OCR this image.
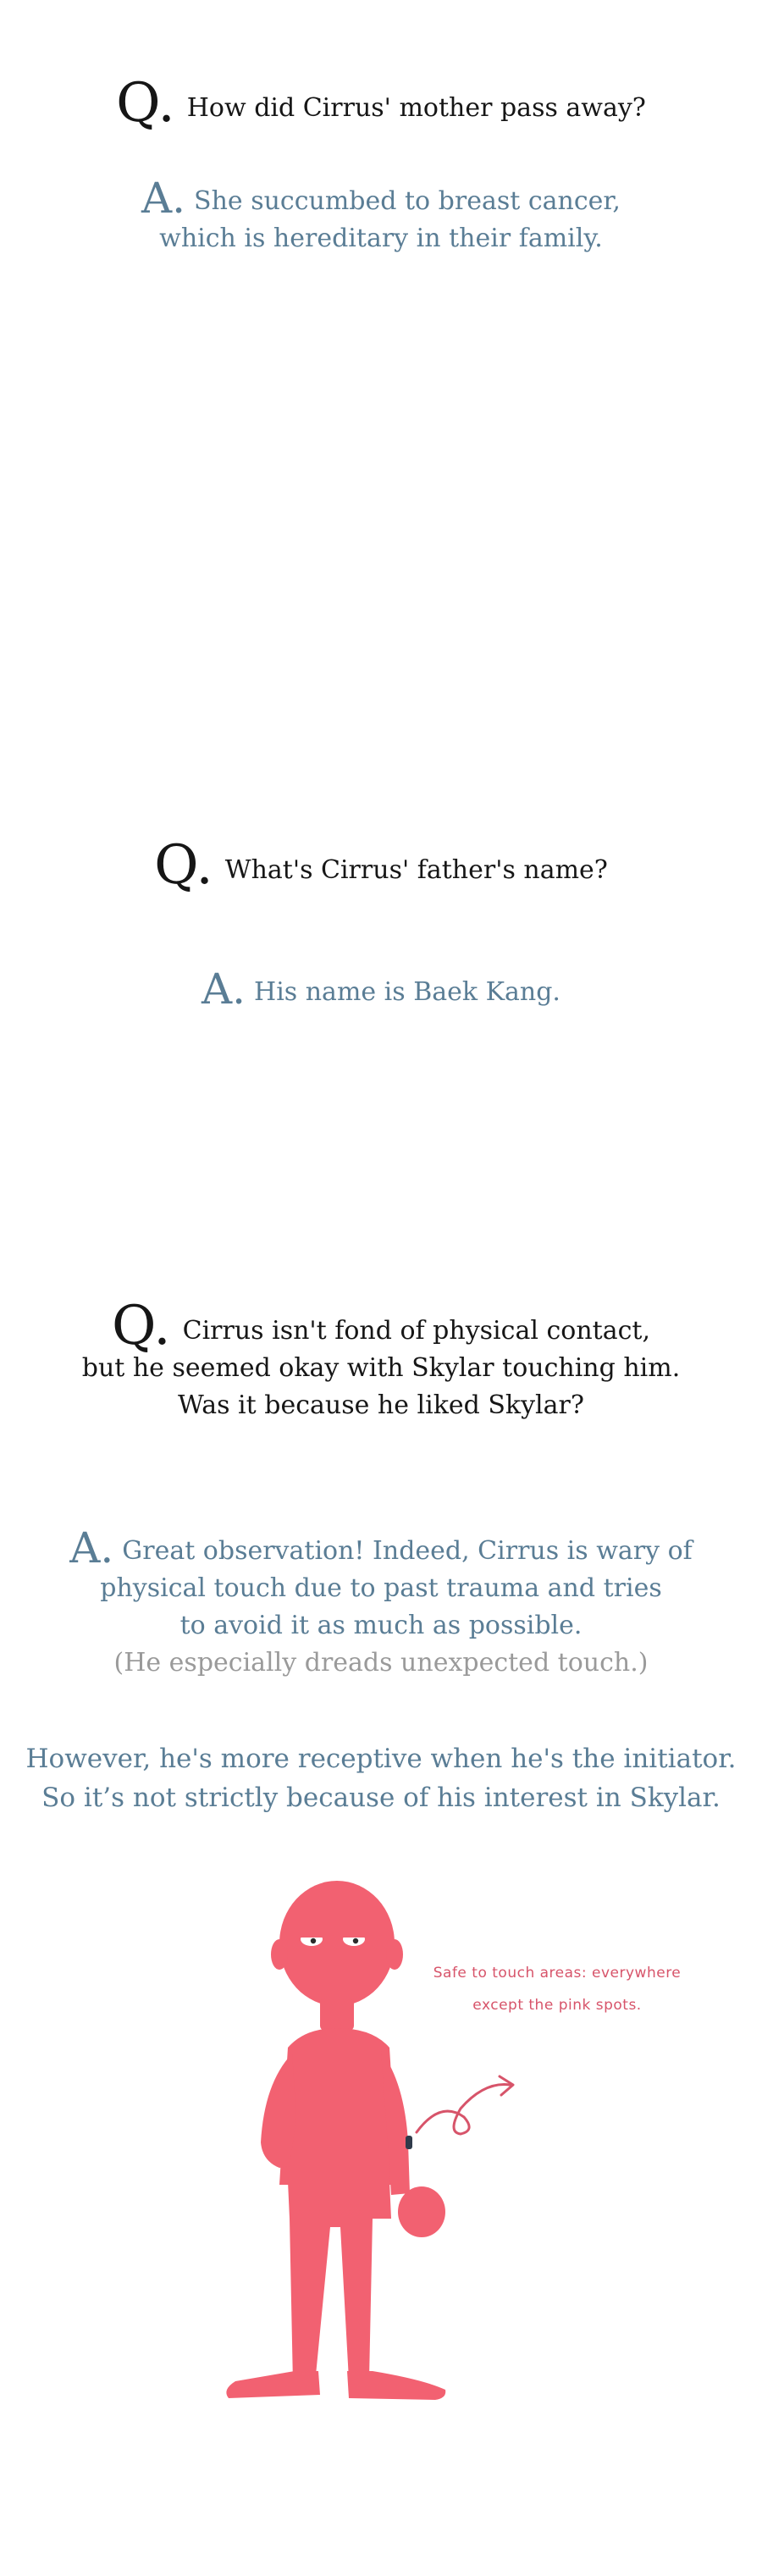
Q. How did Cirrus' mother pass away?
A. She succumbed to breast cancer,
which is hereditary in their family.
Q. What's Cirrus' father's name?
A. His name is Baek Kang.
Q. Cirrus isn't fond of physical contact,
but he seemed okay with Skylar touching him.
Was it because he liked Skylar?
A. Great observation! Indeed, Cirrus is wary of
physical touch due to past trauma and tries
to avoid it as much as possible.
(He especially dreads unexpected touch.)
However, he's more receptive when he's the initiator.
So it’s not strictly because of his interest in Skylar.
Safe to touch areas: everywhere
except the pink spots.
